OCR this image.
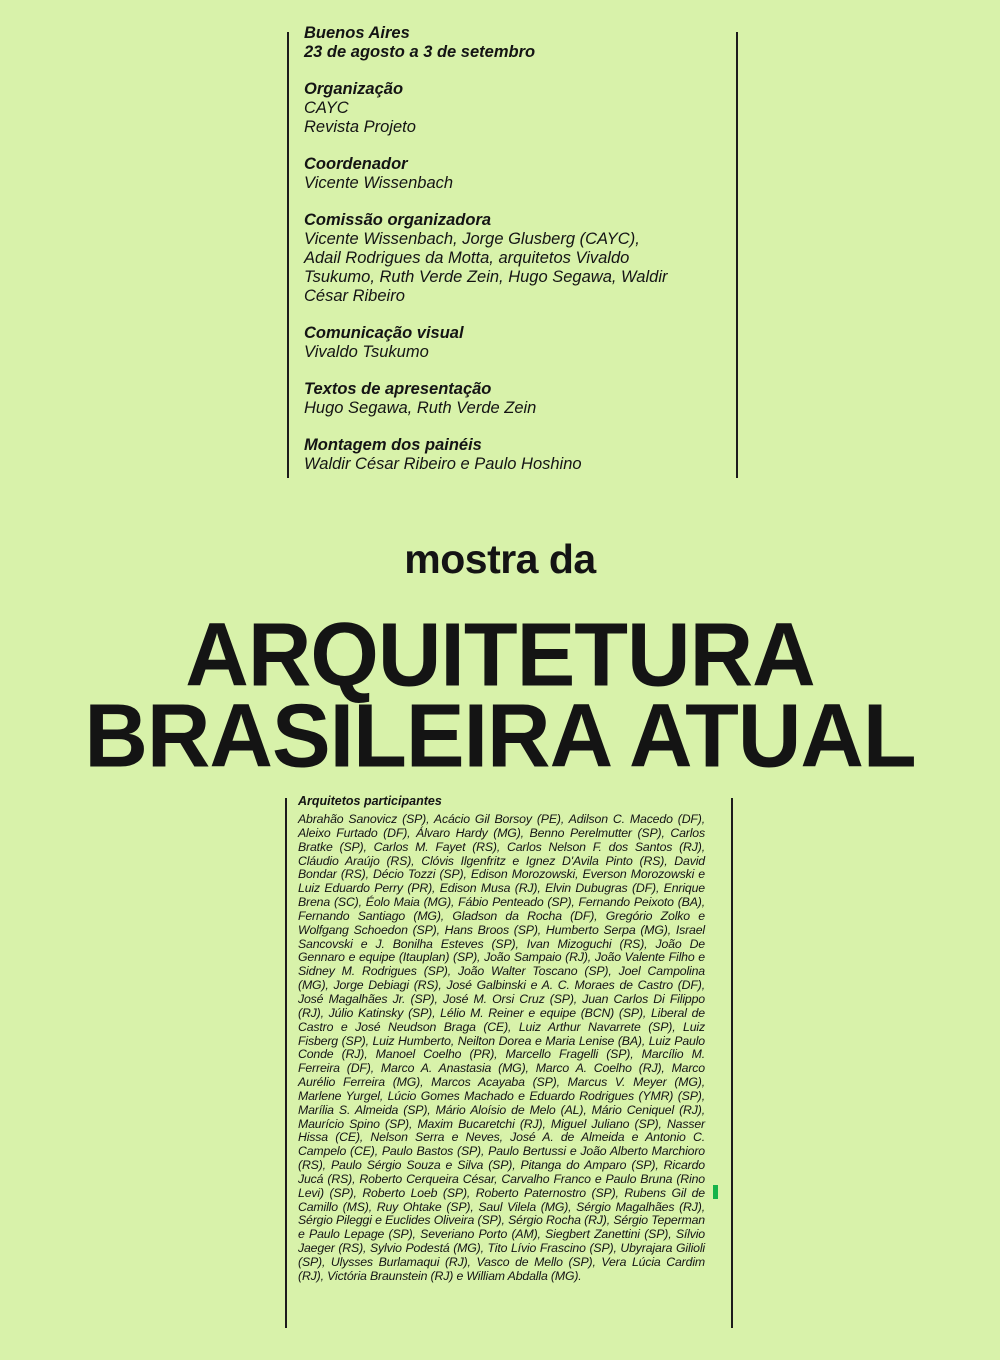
Buenos Aires
23 de agosto a 3 de setembro
Organização
CAYC
Revista Projeto
Coordenador
Vicente Wissenbach
Comissão organizadora
Vicente Wissenbach, Jorge Glusberg (CAYC),
Adail Rodrigues da Motta, arquitetos Vivaldo
Tsukumo, Ruth Verde Zein, Hugo Segawa, Waldir
César Ribeiro
Comunicação visual
Vivaldo Tsukumo
Textos de apresentação
Hugo Segawa, Ruth Verde Zein
Montagem dos painéis
Waldir César Ribeiro e Paulo Hoshino
mostra da
ARQUITETURA
BRASILEIRA ATUAL
Arquitetos participantes
Abrahão Sanovicz (SP), Acácio Gil Borsoy (PE), Adilson C. Macedo (DF), Aleixo Furtado (DF), Álvaro Hardy (MG), Benno Perelmutter (SP), Carlos Bratke (SP), Carlos M. Fayet (RS), Carlos Nelson F. dos Santos (RJ), Cláudio Araújo (RS), Clóvis Ilgenfritz e Ignez D'Avila Pinto (RS), David Bondar (RS), Décio Tozzi (SP), Edison Morozowski, Everson Morozowski e Luiz Eduardo Perry (PR), Edison Musa (RJ), Elvin Dubugras (DF), Enrique Brena (SC), Éolo Maia (MG), Fábio Penteado (SP), Fernando Peixoto (BA), Fernando Santiago (MG), Gladson da Rocha (DF), Gregório Zolko e Wolfgang Schoedon (SP), Hans Broos (SP), Humberto Serpa (MG), Israel Sancovski e J. Bonilha Esteves (SP), Ivan Mizoguchi (RS), João De Gennaro e equipe (Itauplan) (SP), João Sampaio (RJ), João Valente Filho e Sidney M. Rodrigues (SP), João Walter Toscano (SP), Joel Campolina (MG), Jorge Debiagi (RS), José Galbinski e A. C. Moraes de Castro (DF), José Magalhães Jr. (SP), José M. Orsi Cruz (SP), Juan Carlos Di Filippo (RJ), Júlio Katinsky (SP), Lélio M. Reiner e equipe (BCN) (SP), Liberal de Castro e José Neudson Braga (CE), Luiz Arthur Navarrete (SP), Luiz Fisberg (SP), Luiz Humberto, Neilton Dorea e Maria Lenise (BA), Luiz Paulo Conde (RJ), Manoel Coelho (PR), Marcello Fragelli (SP), Marcílio M. Ferreira (DF), Marco A. Anastasia (MG), Marco A. Coelho (RJ), Marco Aurélio Ferreira (MG), Marcos Acayaba (SP), Marcus V. Meyer (MG), Marlene Yurgel, Lúcio Gomes Machado e Eduardo Rodrigues (YMR) (SP), Marília S. Almeida (SP), Mário Aloísio de Melo (AL), Mário Ceniquel (RJ), Maurício Spino (SP), Maxim Bucaretchi (RJ), Miguel Juliano (SP), Nasser Hissa (CE), Nelson Serra e Neves, José A. de Almeida e Antonio C. Campelo (CE), Paulo Bastos (SP), Paulo Bertussi e João Alberto Marchioro (RS), Paulo Sérgio Souza e Silva (SP), Pitanga do Amparo (SP), Ricardo Jucá (RS), Roberto Cerqueira César, Carvalho Franco e Paulo Bruna (Rino Levi) (SP), Roberto Loeb (SP), Roberto Paternostro (SP), Rubens Gil de Camillo (MS), Ruy Ohtake (SP), Saul Vilela (MG), Sérgio Magalhães (RJ), Sérgio Pileggi e Euclides Oliveira (SP), Sérgio Rocha (RJ), Sérgio Teperman e Paulo Lepage (SP), Severiano Porto (AM), Siegbert Zanettini (SP), Sílvio Jaeger (RS), Sylvio Podestá (MG), Tito Lívio Frascino (SP), Ubyrajara Gilioli (SP), Ulysses Burlamaqui (RJ), Vasco de Mello (SP), Vera Lúcia Cardim (RJ), Victória Braunstein (RJ) e William Abdalla (MG).
